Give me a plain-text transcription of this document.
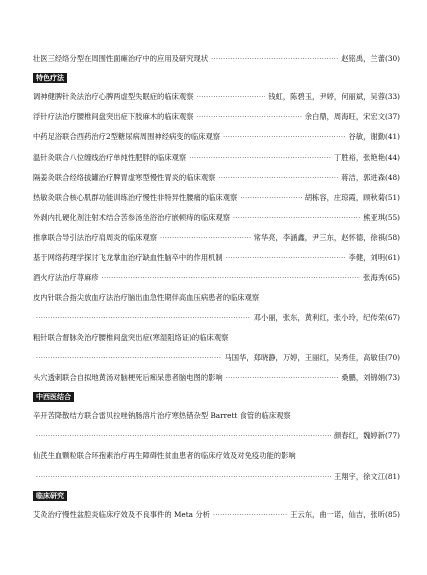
壮医三经络分型在周围性面瘫治疗中的应用及研究现状 ·····	赵铭禹，兰蕾(30)
特色疗法
调神健脾针灸法治疗心脾两虚型失眠症的临床观察 ·····	钱虹，陈碧玉，尹婷，何丽斌，吴蓉(33)
浮针疗法治疗腰椎间盘突出症下肢麻木的临床观察 ·····	余白鼎，周海旺，宋宏文(37)
中药足浴联合西药治疗2型糖尿病周围神经病变的临床观察 ·····	谷敏，谢勤(41)
温针灸联合八位缠线治疗单纯性肥胖的临床观察 ·····	丁胜裕，张艳艳(44)
隔姜灸联合经络拔罐治疗脾胃虚寒型慢性胃炎的临床观察 ·····	蒋洁，郭进森(48)
热敏灸联合核心肌群功能训练治疗慢性非特异性腰痛的临床观察 ·····	胡栋容，庄琼霞，顾秋菊(51)
外剥内扎硬化剂注射术结合苦参汤坐浴治疗嵌顿痔的临床观察 ·····	熊亚琪(55)
推拿联合导引法治疗肩周炎的临床观察 ·····	常华亮，李涵鑫，尹三东，赵怀德，徐祺(58)
基于网络药理学探讨飞龙掌血治疗缺血性脑卒中的作用机制 ·····	李健，刘明(61)
酒火疗法治疗荨麻疹 ·····	张海秀(65)
皮内针联合指尖放血疗法治疗脑出血急性期伴高血压病患者的临床观察
·····
邓小丽，张东，黄利红，张小玲，纪传荣(67)
粗针联合督脉灸治疗腰椎间盘突出症(寒湿阻络证)的临床观察
·····
马国华，郑晓静，万婷，王丽红，吴秀佳，高敏佳(70)
头穴透刺联合自拟地黄汤对脑梗死后痴呆患者脑电图的影响 ·····	桑鹏，刘锦娟(73)
中西医结合
辛开苦降散结方联合雷贝拉唑钠肠溶片治疗寒热错杂型 Barrett 食管的临床观察
·····
颜春红，魏婷新(77)
仙芪生血颗粒联合环孢素治疗再生障碍性贫血患者的临床疗效及对免疫功能的影响
·····
王翔宇，徐文江(81)
临床研究
艾灸治疗慢性盆腔炎临床疗效及不良事件的 Meta 分析 ·····	王云东，曲一诺，仙吉，张昕(85)
